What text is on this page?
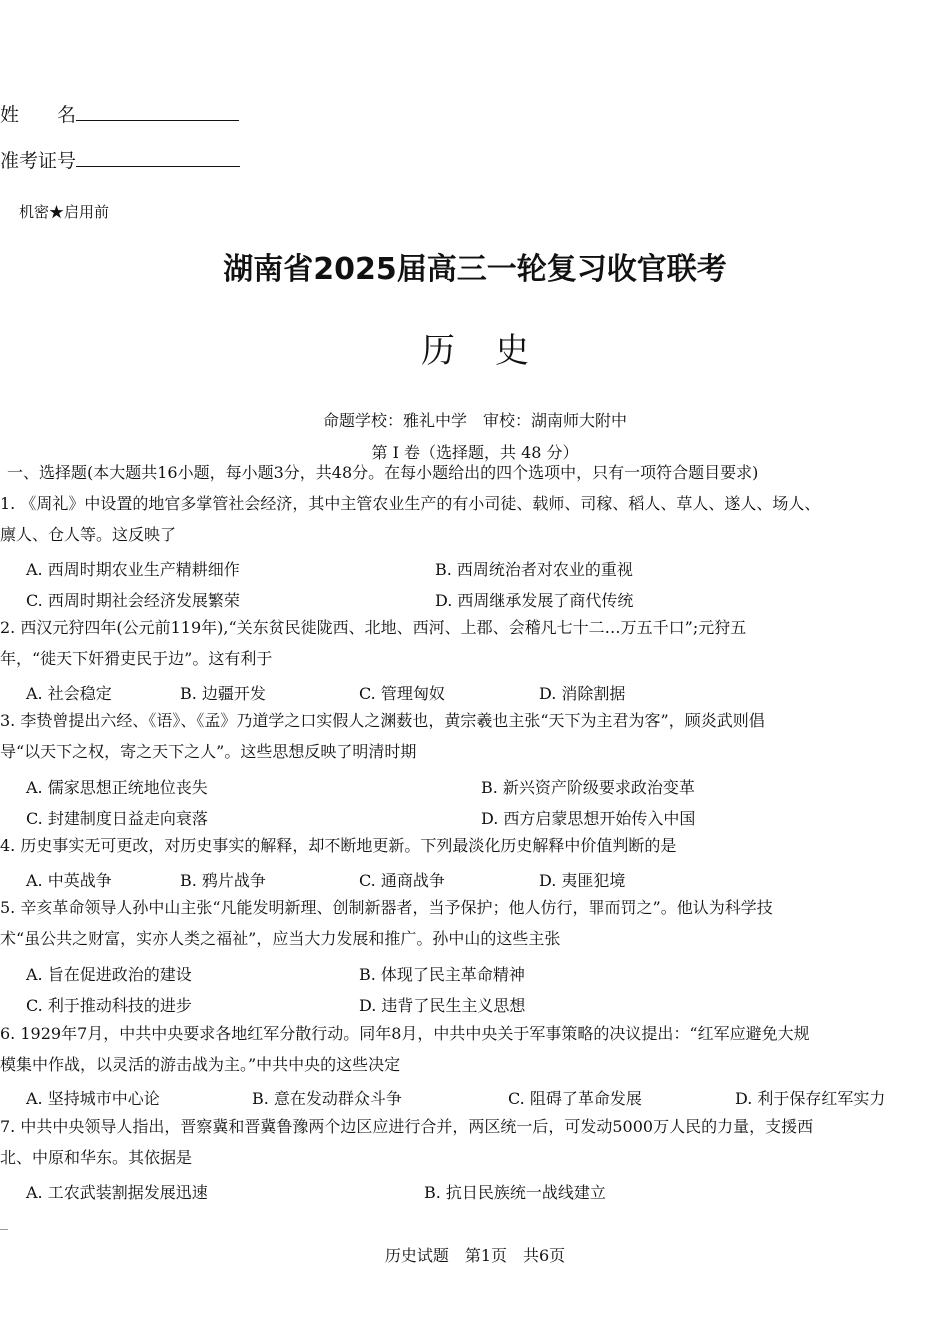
姓　　名
准考证号
机密★启用前
湖南省2025届高三一轮复习收官联考
历史
命题学校：雅礼中学　审校：湖南师大附中
第 I 卷（选择题，共 48 分）
一、选择题(本大题共16小题，每小题3分，共48分。在每小题给出的四个选项中，只有一项符合题目要求)
1. 《周礼》中设置的地官多掌管社会经济，其中主管农业生产的有小司徒、载师、司稼、稻人、草人、遂人、场人、
廪人、仓人等。这反映了
A. 西周时期农业生产精耕细作	B. 西周统治者对农业的重视
C. 西周时期社会经济发展繁荣	D. 西周继承发展了商代传统
2. 西汉元狩四年(公元前119年),“关东贫民徙陇西、北地、西河、上郡、会稽凡七十二…万五千口”;元狩五
年，“徙天下奸猾吏民于边”。这有利于
A. 社会稳定	B. 边疆开发	C. 管理匈奴	D. 消除割据
3. 李贽曾提出六经、《语》、《孟》乃道学之口实假人之渊薮也，黄宗羲也主张“天下为主君为客”，顾炎武则倡
导“以天下之权，寄之天下之人”。这些思想反映了明清时期
A. 儒家思想正统地位丧失	B. 新兴资产阶级要求政治变革
C. 封建制度日益走向衰落	D. 西方启蒙思想开始传入中国
4. 历史事实无可更改，对历史事实的解释，却不断地更新。下列最淡化历史解释中价值判断的是
A. 中英战争	B. 鸦片战争	C. 通商战争	D. 夷匪犯境
5. 辛亥革命领导人孙中山主张“凡能发明新理、创制新器者，当予保护；他人仿行，罪而罚之”。他认为科学技
术“虽公共之财富，实亦人类之福祉”，应当大力发展和推广。孙中山的这些主张
A. 旨在促进政治的建设	B. 体现了民主革命精神
C. 利于推动科技的进步	D. 违背了民生主义思想
6. 1929年7月，中共中央要求各地红军分散行动。同年8月，中共中央关于军事策略的决议提出：“红军应避免大规
模集中作战，以灵活的游击战为主。”中共中央的这些决定
A. 坚持城市中心论	B. 意在发动群众斗争	C. 阻碍了革命发展	D. 利于保存红军实力
7. 中共中央领导人指出，晋察冀和晋冀鲁豫两个边区应进行合并，两区统一后，可发动5000万人民的力量，支援西
北、中原和华东。其依据是
A. 工农武装割据发展迅速	B. 抗日民族统一战线建立
历史试题　第1页　共6页
